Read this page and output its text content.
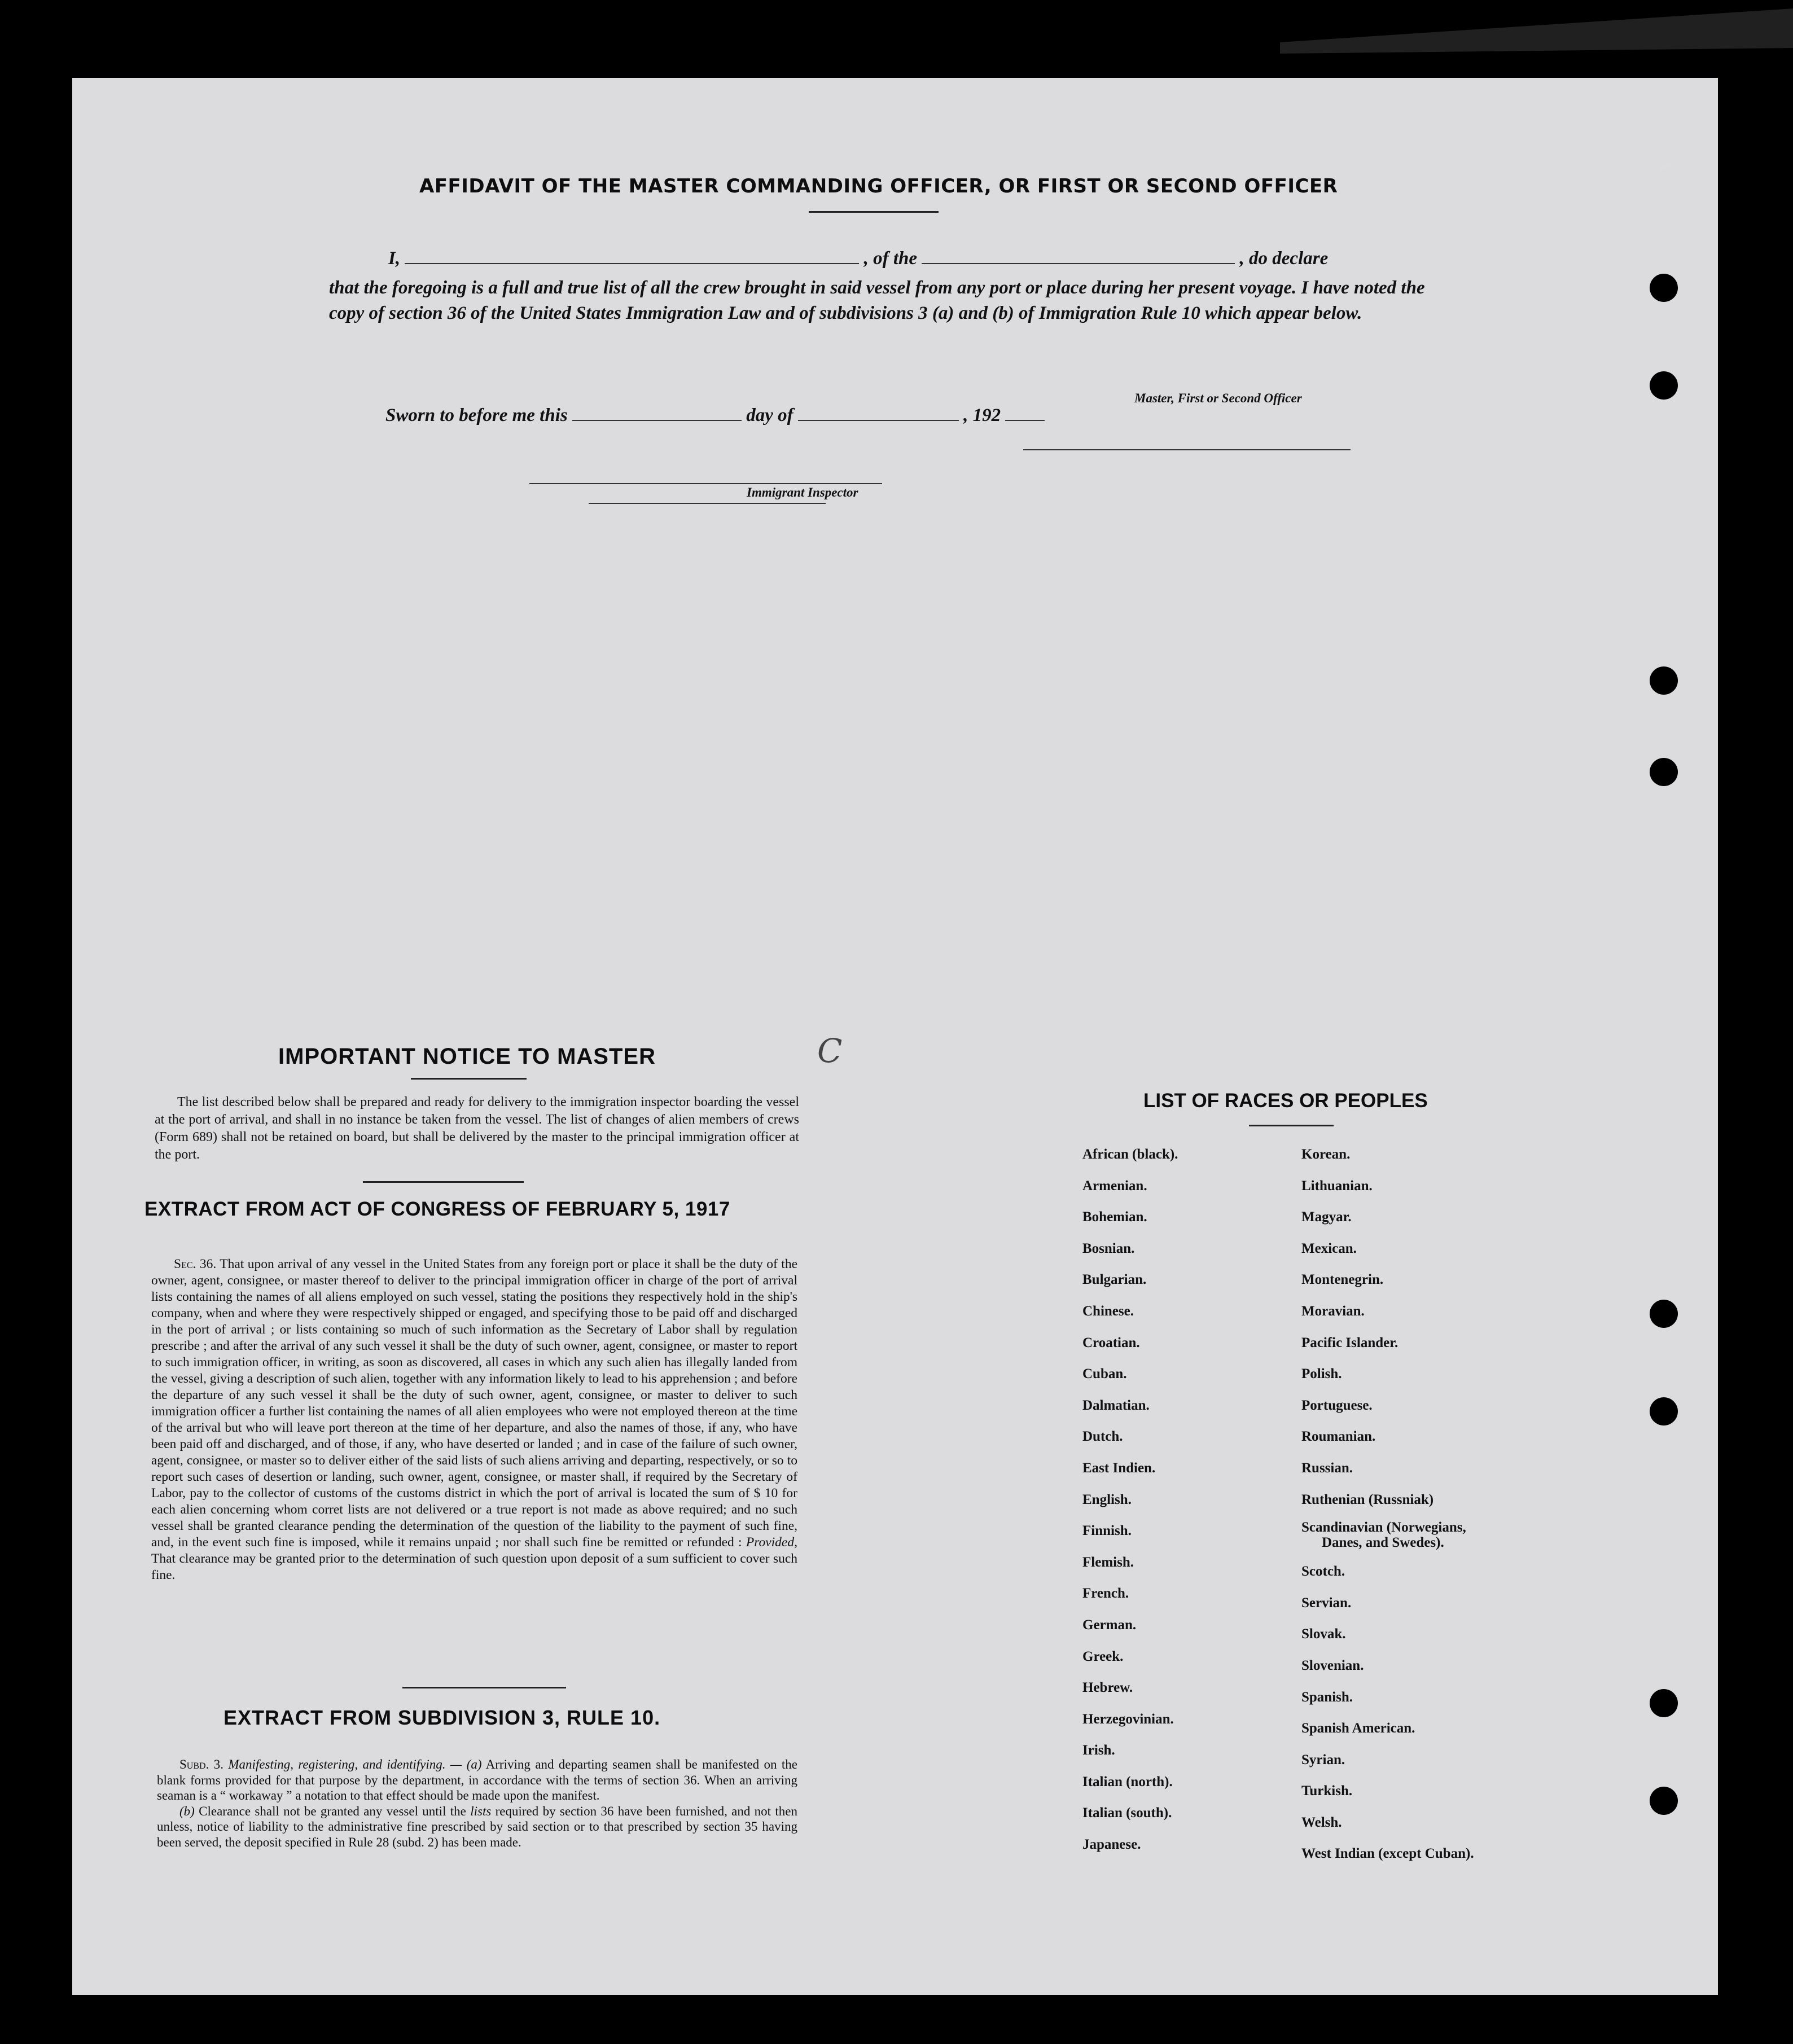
AFFIDAVIT OF THE MASTER COMMANDING OFFICER, OR FIRST OR SECOND OFFICER
I,	, of the	, do declare
that the foregoing is a full and true list of all the crew brought in said vessel from any port or place during her present voyage. I have noted the copy of section 36 of the United States Immigration Law and of subdivisions 3 (a) and (b) of Immigration Rule 10 which appear below.
Master, First or Second Officer
Sworn to before me this	day of	, 192
Immigrant Inspector
C
IMPORTANT NOTICE TO MASTER

The list described below shall be prepared and ready for delivery to the immigration inspector boarding the vessel at the port of arrival, and shall in no instance be taken from the vessel. The list of changes of alien members of crews (Form 689) shall not be retained on board, but shall be delivered by the master to the principal immigration officer at the port.

EXTRACT FROM ACT OF CONGRESS OF FEBRUARY 5, 1917

Sec. 36. That upon arrival of any vessel in the United States from any foreign port or place it shall be the duty of the owner, agent, consignee, or master thereof to deliver to the principal immigration officer in charge of the port of arrival lists containing the names of all aliens employed on such vessel, stating the positions they respectively hold in the ship's company, when and where they were respectively shipped or engaged, and specifying those to be paid off and discharged in the port of arrival ; or lists containing so much of such information as the Secretary of Labor shall by regulation prescribe ; and after the arrival of any such vessel it shall be the duty of such owner, agent, consignee, or master to report to such immigration officer, in writing, as soon as discovered, all cases in which any such alien has illegally landed from the vessel, giving a description of such alien, together with any information likely to lead to his apprehension ; and before the departure of any such vessel it shall be the duty of such owner, agent, consignee, or master to deliver to such immigration officer a further list containing the names of all alien employees who were not employed thereon at the time of the arrival but who will leave port thereon at the time of her departure, and also the names of those, if any, who have been paid off and discharged, and of those, if any, who have deserted or landed ; and in case of the failure of such owner, agent, consignee, or master so to deliver either of the said lists of such aliens arriving and departing, respectively, or so to report such cases of desertion or landing, such owner, agent, consignee, or master shall, if required by the Secretary of Labor, pay to the collector of customs of the customs district in which the port of arrival is located the sum of $ 10 for each alien concerning whom corret lists are not delivered or a true report is not made as above required; and no such vessel shall be granted clearance pending the determination of the question of the liability to the payment of such fine, and, in the event such fine is imposed, while it remains unpaid ; nor shall such fine be remitted or refunded : Provided, That clearance may be granted prior to the determination of such question upon deposit of a sum sufficient to cover such fine.

EXTRACT FROM SUBDIVISION 3, RULE 10.

Subd. 3. Manifesting, registering, and identifying. — (a) Arriving and departing seamen shall be manifested on the blank forms provided for that purpose by the department, in accordance with the terms of section 36. When an arriving seaman is a “ workaway ” a notation to that effect should be made upon the manifest.

(b) Clearance shall not be granted any vessel until the lists required by section 36 have been furnished, and not then unless, notice of liability to the administrative fine prescribed by said section or to that prescribed by section 35 having been served, the deposit specified in Rule 28 (subd. 2) has been made.

LIST OF RACES OR PEOPLES
African (black).
Armenian.
Bohemian.
Bosnian.
Bulgarian.
Chinese.
Croatian.
Cuban.
Dalmatian.
Dutch.
East Indien.
English.
Finnish.
Flemish.
French.
German.
Greek.
Hebrew.
Herzegovinian.
Irish.
Italian (north).
Italian (south).
Japanese.
Korean.
Lithuanian.
Magyar.
Mexican.
Montenegrin.
Moravian.
Pacific Islander.
Polish.
Portuguese.
Roumanian.
Russian.
Ruthenian (Russniak)
Scandinavian (Norwegians,
Danes, and Swedes).
Scotch.
Servian.
Slovak.
Slovenian.
Spanish.
Spanish American.
Syrian.
Turkish.
Welsh.
West Indian (except Cuban).
